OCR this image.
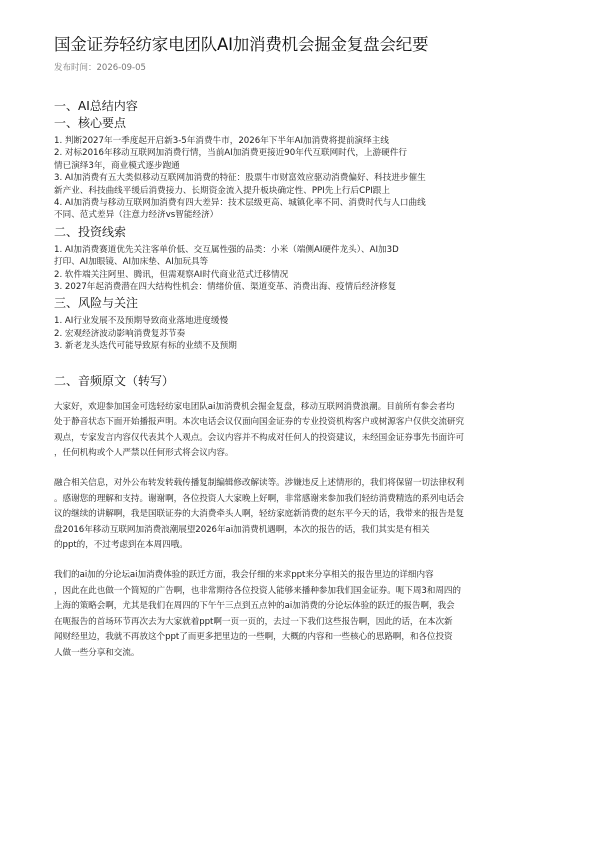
国金证券轻纺家电团队AI加消费机会掘金复盘会纪要
发布时间：2026-09-05
一、AI总结内容
一、核心要点

1. 判断2027年一季度起开启新3-5年消费牛市，2026年下半年AI加消费将提前演绎主线

2. 对标2016年移动互联网加消费行情，当前AI加消费更接近90年代互联网时代，上游硬件行

情已演绎3年，商业模式逐步跑通

3. AI加消费有五大类似移动互联网加消费的特征：股票牛市财富效应驱动消费偏好、科技进步催生

新产业、科技曲线平缓后消费接力、长期资金流入提升板块确定性、PPI先上行后CPI跟上

4. AI加消费与移动互联网加消费有四大差异：技术层级更高、城镇化率不同、消费时代与人口曲线

不同、范式差异（注意力经济vs智能经济）

二、投资线索

1. AI加消费赛道优先关注客单价低、交互属性强的品类：小米（端侧AI硬件龙头）、AI加3D

打印、AI加眼镜、AI加床垫、AI加玩具等

2. 软件端关注阿里、腾讯，但需观察AI时代商业范式迁移情况

3. 2027年起消费潜在四大结构性机会：情绪价值、渠道变革、消费出海、疫情后经济修复

三、风险与关注

1. AI行业发展不及预期导致商业落地进度缓慢

2. 宏观经济波动影响消费复苏节奏

3. 新老龙头迭代可能导致原有标的业绩不及预期

二、音频原文（转写）

大家好，欢迎参加国金可选轻纺家电团队ai加消费机会掘金复盘，移动互联网消费浪潮。目前所有参会者均

处于静音状态下面开始播报声明。本次电话会议仅面向国金证券的专业投资机构客户或树源客户仅供交流研究

观点，专家发言内容仅代表其个人观点。会议内容并不构成对任何人的投资建议，未经国金证券事先书面许可

，任何机构或个人严禁以任何形式将会议内容。

融合相关信息，对外公布转发转载传播复制编辑修改解读等。涉嫌违反上述情形的，我们将保留一切法律权利

。感谢您的理解和支持。谢谢啊，各位投资人大家晚上好啊，非常感谢来参加我们轻纺消费精选的系列电话会

议的继续的讲解啊，我是国联证券的大消费牵头人啊，轻纺家庭新消费的赵东平今天的话，我带来的报告是复

盘2016年移动互联网加消费浪潮展望2026年ai加消费机遇啊，本次的报告的话，我们其实是有相关

的ppt的，不过考虑到在本周四哦。

我们的ai加的分论坛ai加消费体验的跃迁方面，我会仔细的来求ppt来分享相关的报告里边的详细内容

，因此在此也做一个简短的广告啊，也非常期待各位投资人能够来播种参加我们国金证券。呃下周3和周四的

上海的策略会啊，尤其是我们在周四的下午午三点到五点钟的ai加消费的分论坛体验的跃迁的报告啊，我会

在呃报告的首场环节再次去为大家就着ppt啊一页一页的，去过一下我们这些报告啊，因此的话，在本次新

闻财经里边，我就不再放这个ppt了而更多把里边的一些啊，大概的内容和一些核心的思路啊，和各位投资

人做一些分享和交流。
